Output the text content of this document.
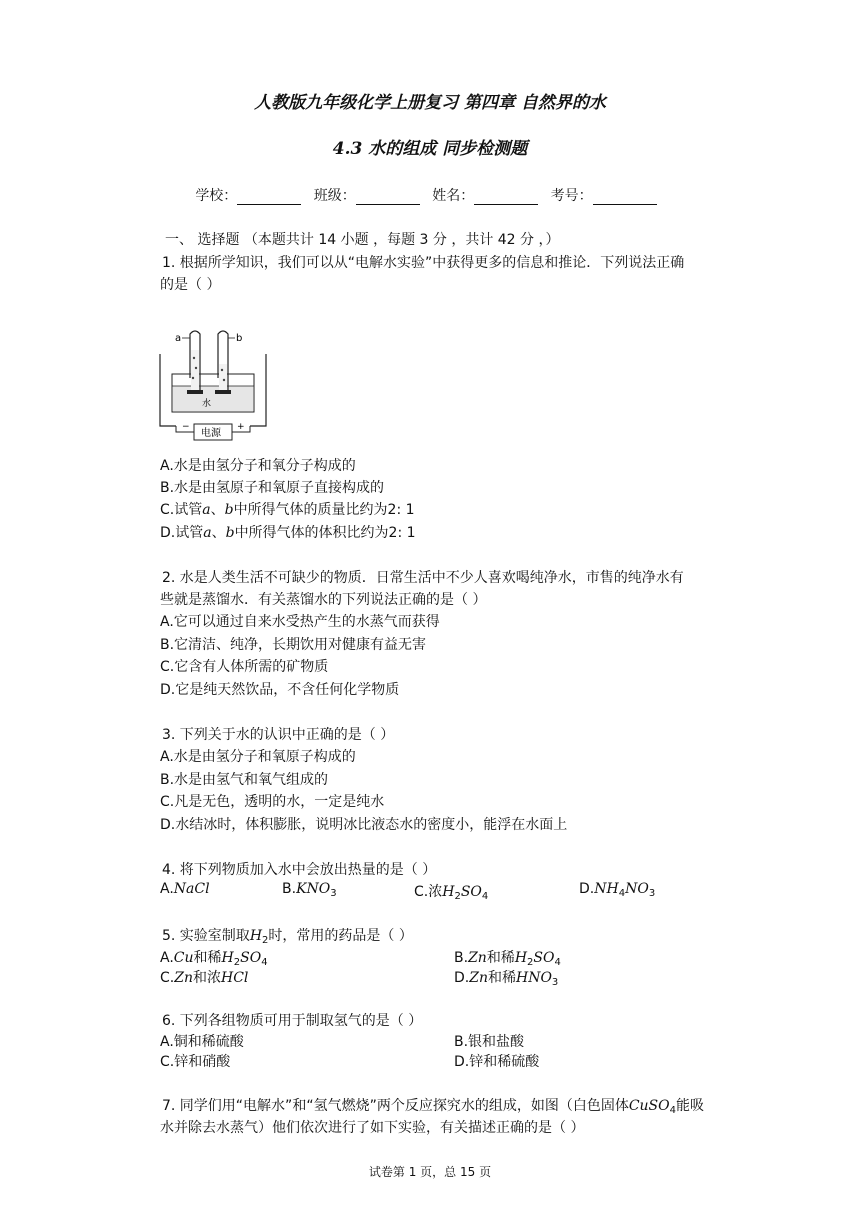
人教版九年级化学上册复习 第四章 自然界的水
4.3 水的组成 同步检测题
学校：	班级：	姓名：	考号：
一、 选择题 （本题共计 14 小题 ，每题 3 分 ，共计 42 分 ，）
1. 根据所学知识，我们可以从“电解水实验”中获得更多的信息和推论．下列说法正确
的是（ ）
a	b
水
电源
−	+
A.水是由氢分子和氧分子构成的
B.水是由氢原子和氧原子直接构成的
C.试管a、b中所得气体的质量比约为2: 1
D.试管a、b中所得气体的体积比约为2: 1
2. 水是人类生活不可缺少的物质．日常生活中不少人喜欢喝纯净水，市售的纯净水有
些就是蒸馏水．有关蒸馏水的下列说法正确的是（ ）
A.它可以通过自来水受热产生的水蒸气而获得
B.它清洁、纯净，长期饮用对健康有益无害
C.它含有人体所需的矿物质
D.它是纯天然饮品，不含任何化学物质
3. 下列关于水的认识中正确的是（ ）
A.水是由氢分子和氧原子构成的
B.水是由氢气和氧气组成的
C.凡是无色，透明的水，一定是纯水
D.水结冰时，体积膨胀，说明冰比液态水的密度小，能浮在水面上
4. 将下列物质加入水中会放出热量的是（ ）
A.NaCl	$B.KNO_3$	C.浓$H_2SO_4$	$D.NH_4NO_3$
5. 实验室制取$H_2$时，常用的药品是（ ）
A.Cu和稀$H_2SO_4$	B.Zn和稀$H_2SO_4$
C.Zn和浓HCl	D.Zn和稀$HNO_3$
6. 下列各组物质可用于制取氢气的是（ ）
A.铜和稀硫酸	B.银和盐酸
C.锌和硝酸	D.锌和稀硫酸
7. 同学们用“电解水”和“氢气燃烧”两个反应探究水的组成，如图（白色固体CuSO$_4$能吸
水并除去水蒸气）他们依次进行了如下实验，有关描述正确的是（ ）
试卷第 1 页，总 15 页
